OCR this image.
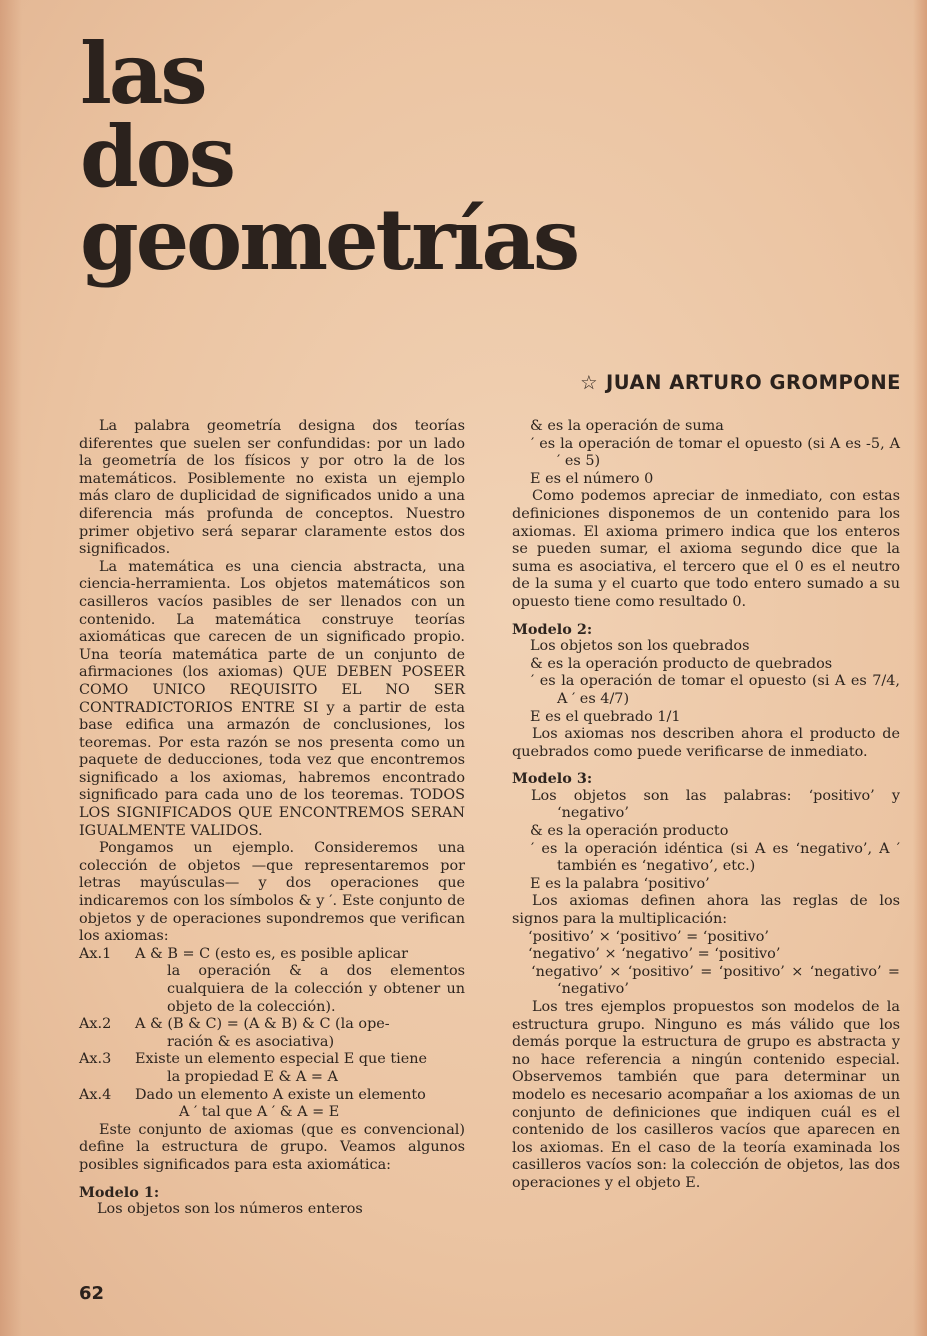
las
dos
geometrías
☆ JUAN ARTURO GROMPONE

La palabra geometría designa dos teorías diferentes que suelen ser confundidas: por un lado la geometría de los físicos y por otro la de los matemáticos. Posiblemente no exista un ejemplo más claro de duplicidad de significados unido a una diferencia más profunda de conceptos. Nuestro primer objetivo será separar claramente estos dos significados.

La matemática es una ciencia abstracta, una ciencia-herramienta. Los objetos matemáticos son casilleros vacíos pasibles de ser llenados con un contenido. La matemática construye teorías axiomáticas que carecen de un significado propio. Una teoría matemática parte de un conjunto de afirmaciones (los axiomas) QUE DEBEN POSEER COMO UNICO REQUISITO EL NO SER CONTRADICTORIOS ENTRE SI y a partir de esta base edifica una armazón de conclusiones, los teoremas. Por esta razón se nos presenta como un paquete de deducciones, toda vez que encontremos significado a los axiomas, habremos encontrado significado para cada uno de los teoremas. TODOS LOS SIGNIFICADOS QUE ENCONTREMOS SERAN IGUALMENTE VALIDOS.

Pongamos un ejemplo. Consideremos una colección de objetos —que representaremos por letras mayúsculas— y dos operaciones que indicaremos con los símbolos & y ′. Este conjunto de objetos y de operaciones supondremos que verifican los axiomas:

Ax.1	A & B = C (esto es, es posible aplicar

la operación & a dos elementos cualquiera de la colección y obtener un objeto de la colección).

Ax.2	A & (B & C) = (A & B) & C (la ope-

ración & es asociativa)

Ax.3	Existe un elemento especial E que tiene

la propiedad E & A = A

Ax.4	Dado un elemento A existe un elemento

A ′ tal que A ′ & A = E

Este conjunto de axiomas (que es convencional) define la estructura de grupo. Veamos algunos posibles significados para esta axiomática:

Modelo 1:

Los objetos son los números enteros

& es la operación de suma

′ es la operación de tomar el opuesto (si A es -5, A ′ es 5)

E es el número 0

Como podemos apreciar de inmediato, con estas definiciones disponemos de un contenido para los axiomas. El axioma primero indica que los enteros se pueden sumar, el axioma segundo dice que la suma es asociativa, el tercero que el 0 es el neutro de la suma y el cuarto que todo entero sumado a su opuesto tiene como resultado 0.

Modelo 2:

Los objetos son los quebrados

& es la operación producto de quebrados

′ es la operación de tomar el opuesto (si A es 7/4, A ′ es 4/7)

E es el quebrado 1/1

Los axiomas nos describen ahora el producto de quebrados como puede verificarse de inmediato.

Modelo 3:

Los objetos son las palabras: ‘positivo’ y ‘negativo’

& es la operación producto

′ es la operación idéntica (si A es ‘negativo’, A ′ también es ‘negativo’, etc.)

E es la palabra ‘positivo’

Los axiomas definen ahora las reglas de los signos para la multiplicación:

‘positivo’ × ‘positivo’ = ‘positivo’

‘negativo’ × ‘negativo’ = ‘positivo’

‘negativo’ × ‘positivo’ = ‘positivo’ × ‘negativo’ = ‘negativo’

Los tres ejemplos propuestos son modelos de la estructura grupo. Ninguno es más válido que los demás porque la estructura de grupo es abstracta y no hace referencia a ningún contenido especial. Observemos también que para determinar un modelo es necesario acompañar a los axiomas de un conjunto de definiciones que indiquen cuál es el contenido de los casilleros vacíos que aparecen en los axiomas. En el caso de la teoría examinada los casilleros vacíos son: la colección de objetos, las dos operaciones y el objeto E.

62
